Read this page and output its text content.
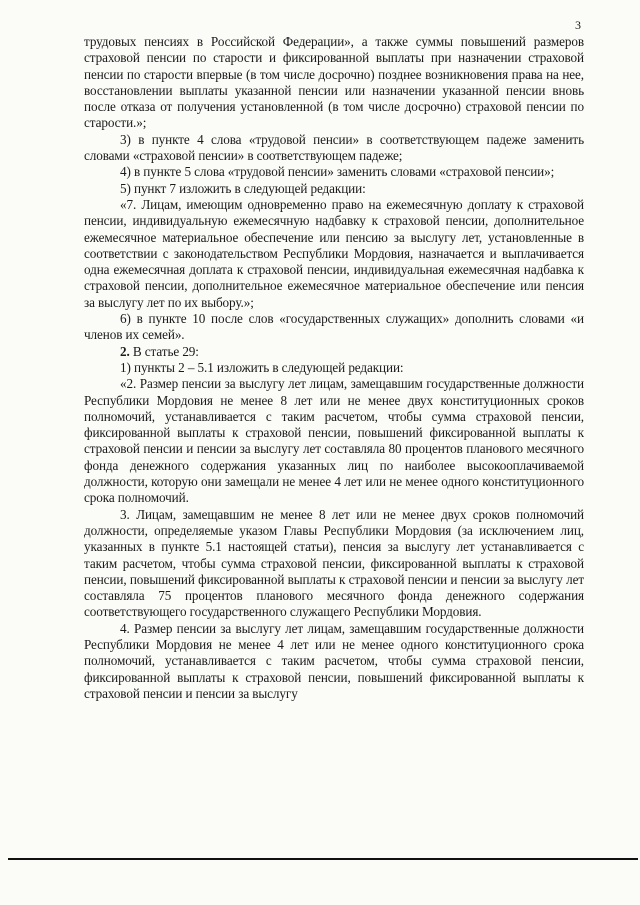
3

трудовых пенсиях в Российской Федерации», а также суммы повышений размеров страховой пенсии по старости и фиксированной выплаты при назначении страховой пенсии по старости впервые (в том числе досрочно) позднее возникновения права на нее, восстановлении выплаты указанной пенсии или назначении указанной пенсии вновь после отказа от получения установленной (в том числе досрочно) страховой пенсии по старости.»;

3) в пункте 4 слова «трудовой пенсии» в соответствующем падеже заменить словами «страховой пенсии» в соответствующем падеже;

4) в пункте 5 слова «трудовой пенсии» заменить словами «страховой пенсии»;

5) пункт 7 изложить в следующей редакции:

«7. Лицам, имеющим одновременно право на ежемесячную доплату к страховой пенсии, индивидуальную ежемесячную надбавку к страховой пенсии, дополнительное ежемесячное материальное обеспечение или пенсию за выслугу лет, установленные в соответствии с законодательством Республики Мордовия, назначается и выплачивается одна ежемесячная доплата к страховой пенсии, индивидуальная ежемесячная надбавка к страховой пенсии, дополнительное ежемесячное материальное обеспечение или пенсия за выслугу лет по их выбору.»;

6) в пункте 10 после слов «государственных служащих» дополнить словами «и членов их семей».

2. В статье 29:

1) пункты 2 – 5.1 изложить в следующей редакции:

«2. Размер пенсии за выслугу лет лицам, замещавшим государственные должности Республики Мордовия не менее 8 лет или не менее двух конституционных сроков полномочий, устанавливается с таким расчетом, чтобы сумма страховой пенсии, фиксированной выплаты к страховой пенсии, повышений фиксированной выплаты к страховой пенсии и пенсии за выслугу лет составляла 80 процентов планового месячного фонда денежного содержания указанных лиц по наиболее высокооплачиваемой должности, которую они замещали не менее 4 лет или не менее одного конституционного срока полномочий.

3. Лицам, замещавшим не менее 8 лет или не менее двух сроков полномочий должности, определяемые указом Главы Республики Мордовия (за исключением лиц, указанных в пункте 5.1 настоящей статьи), пенсия за выслугу лет устанавливается с таким расчетом, чтобы сумма страховой пенсии, фиксированной выплаты к страховой пенсии, повышений фиксированной выплаты к страховой пенсии и пенсии за выслугу лет составляла 75 процентов планового месячного фонда денежного содержания соответствующего государственного служащего Республики Мордовия.

4. Размер пенсии за выслугу лет лицам, замещавшим государственные должности Республики Мордовия не менее 4 лет или не менее одного конституционного срока полномочий, устанавливается с таким расчетом, чтобы сумма страховой пенсии, фиксированной выплаты к страховой пенсии, повышений фиксированной выплаты к страховой пенсии и пенсии за выслугу
